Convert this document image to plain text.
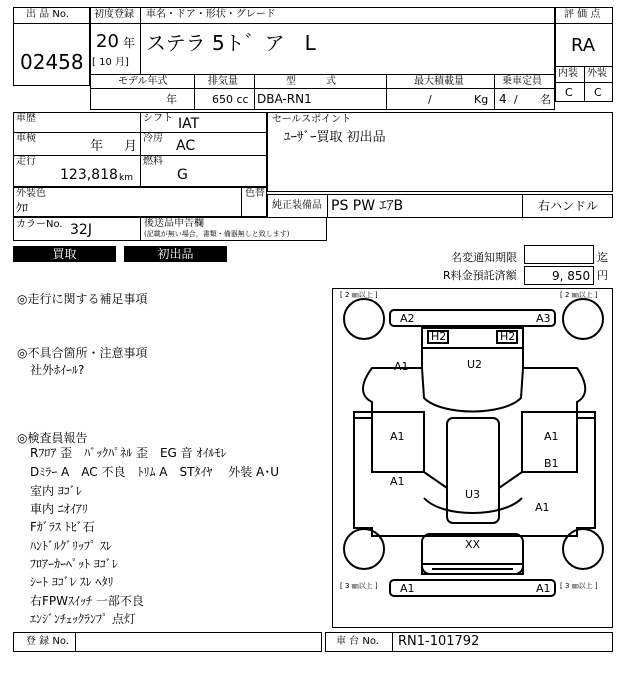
出 品 No.
02458
初度登録 車名・ドア・形状・グレード
20 年
[ 10 月]
ステラ 5ト゛ア　L
モデル年式	排気量	型　　　式	最大積載量	乗車定員
年	650 cc DBA-RN1	/	Kg 4 / 名
評 価 点
RA
内装 外装
C C
車歴
車検
年 月
走行
123,818 km
シフト IAT
冷房 AC
燃料
G
セールスポイント
ﾕｰｻﾞｰ買取 初出品
外装色
ｸﾛ
色替
純正装備品 PS PW ｴｱB	右ハンドル
カラーNo. 32J	後送品申告欄
(記載が無い場合，書類・備器無しと致します)
買取	初出品	名変通知期限	迄
R料金預託済額	9, 850 円
◎走行に関する補足事項
◎不具合箇所・注意事項
社外ﾎｲｰﾙ?
◎検査員報告
Rﾌﾛｱ 歪　ﾊﾞｯｸﾊﾟﾈﾙ 歪　EG 音 ｵｲﾙﾓﾚ
Dﾐﾗｰ A　AC 不良　ﾄﾘﾑ A　STﾀｲﾔ　 外装 A･U
室内 ﾖｺﾞﾚ
車内 ﾆｵｲｱﾘ
Fｶﾞﾗｽ ﾄﾋﾞ石
ﾊﾝﾄﾞﾙｸﾞﾘｯﾌﾟ ｽﾚ
ﾌﾛｱｰｶｰﾍﾟｯﾄ ﾖｺﾞﾚ
ｼｰﾄ ﾖｺﾞﾚ ｽﾚ ﾍﾀﾘ
右FPWｽｲｯﾁ 一部不良
ｴﾝｼﾞﾝﾁｪｯｸﾗﾝﾌﾟ 点灯
[ 2 ㎜以上 ]	[ 2 ㎜以上 ]
[ 3 ㎜以上 ]	[ 3 ㎜以上 ]
A2	A3
H2	H2
A1	U2
A1
A1
A1
B1
U3
A1
XX
A1	A1
登 録 No.	車 台 No. RN1-101792
